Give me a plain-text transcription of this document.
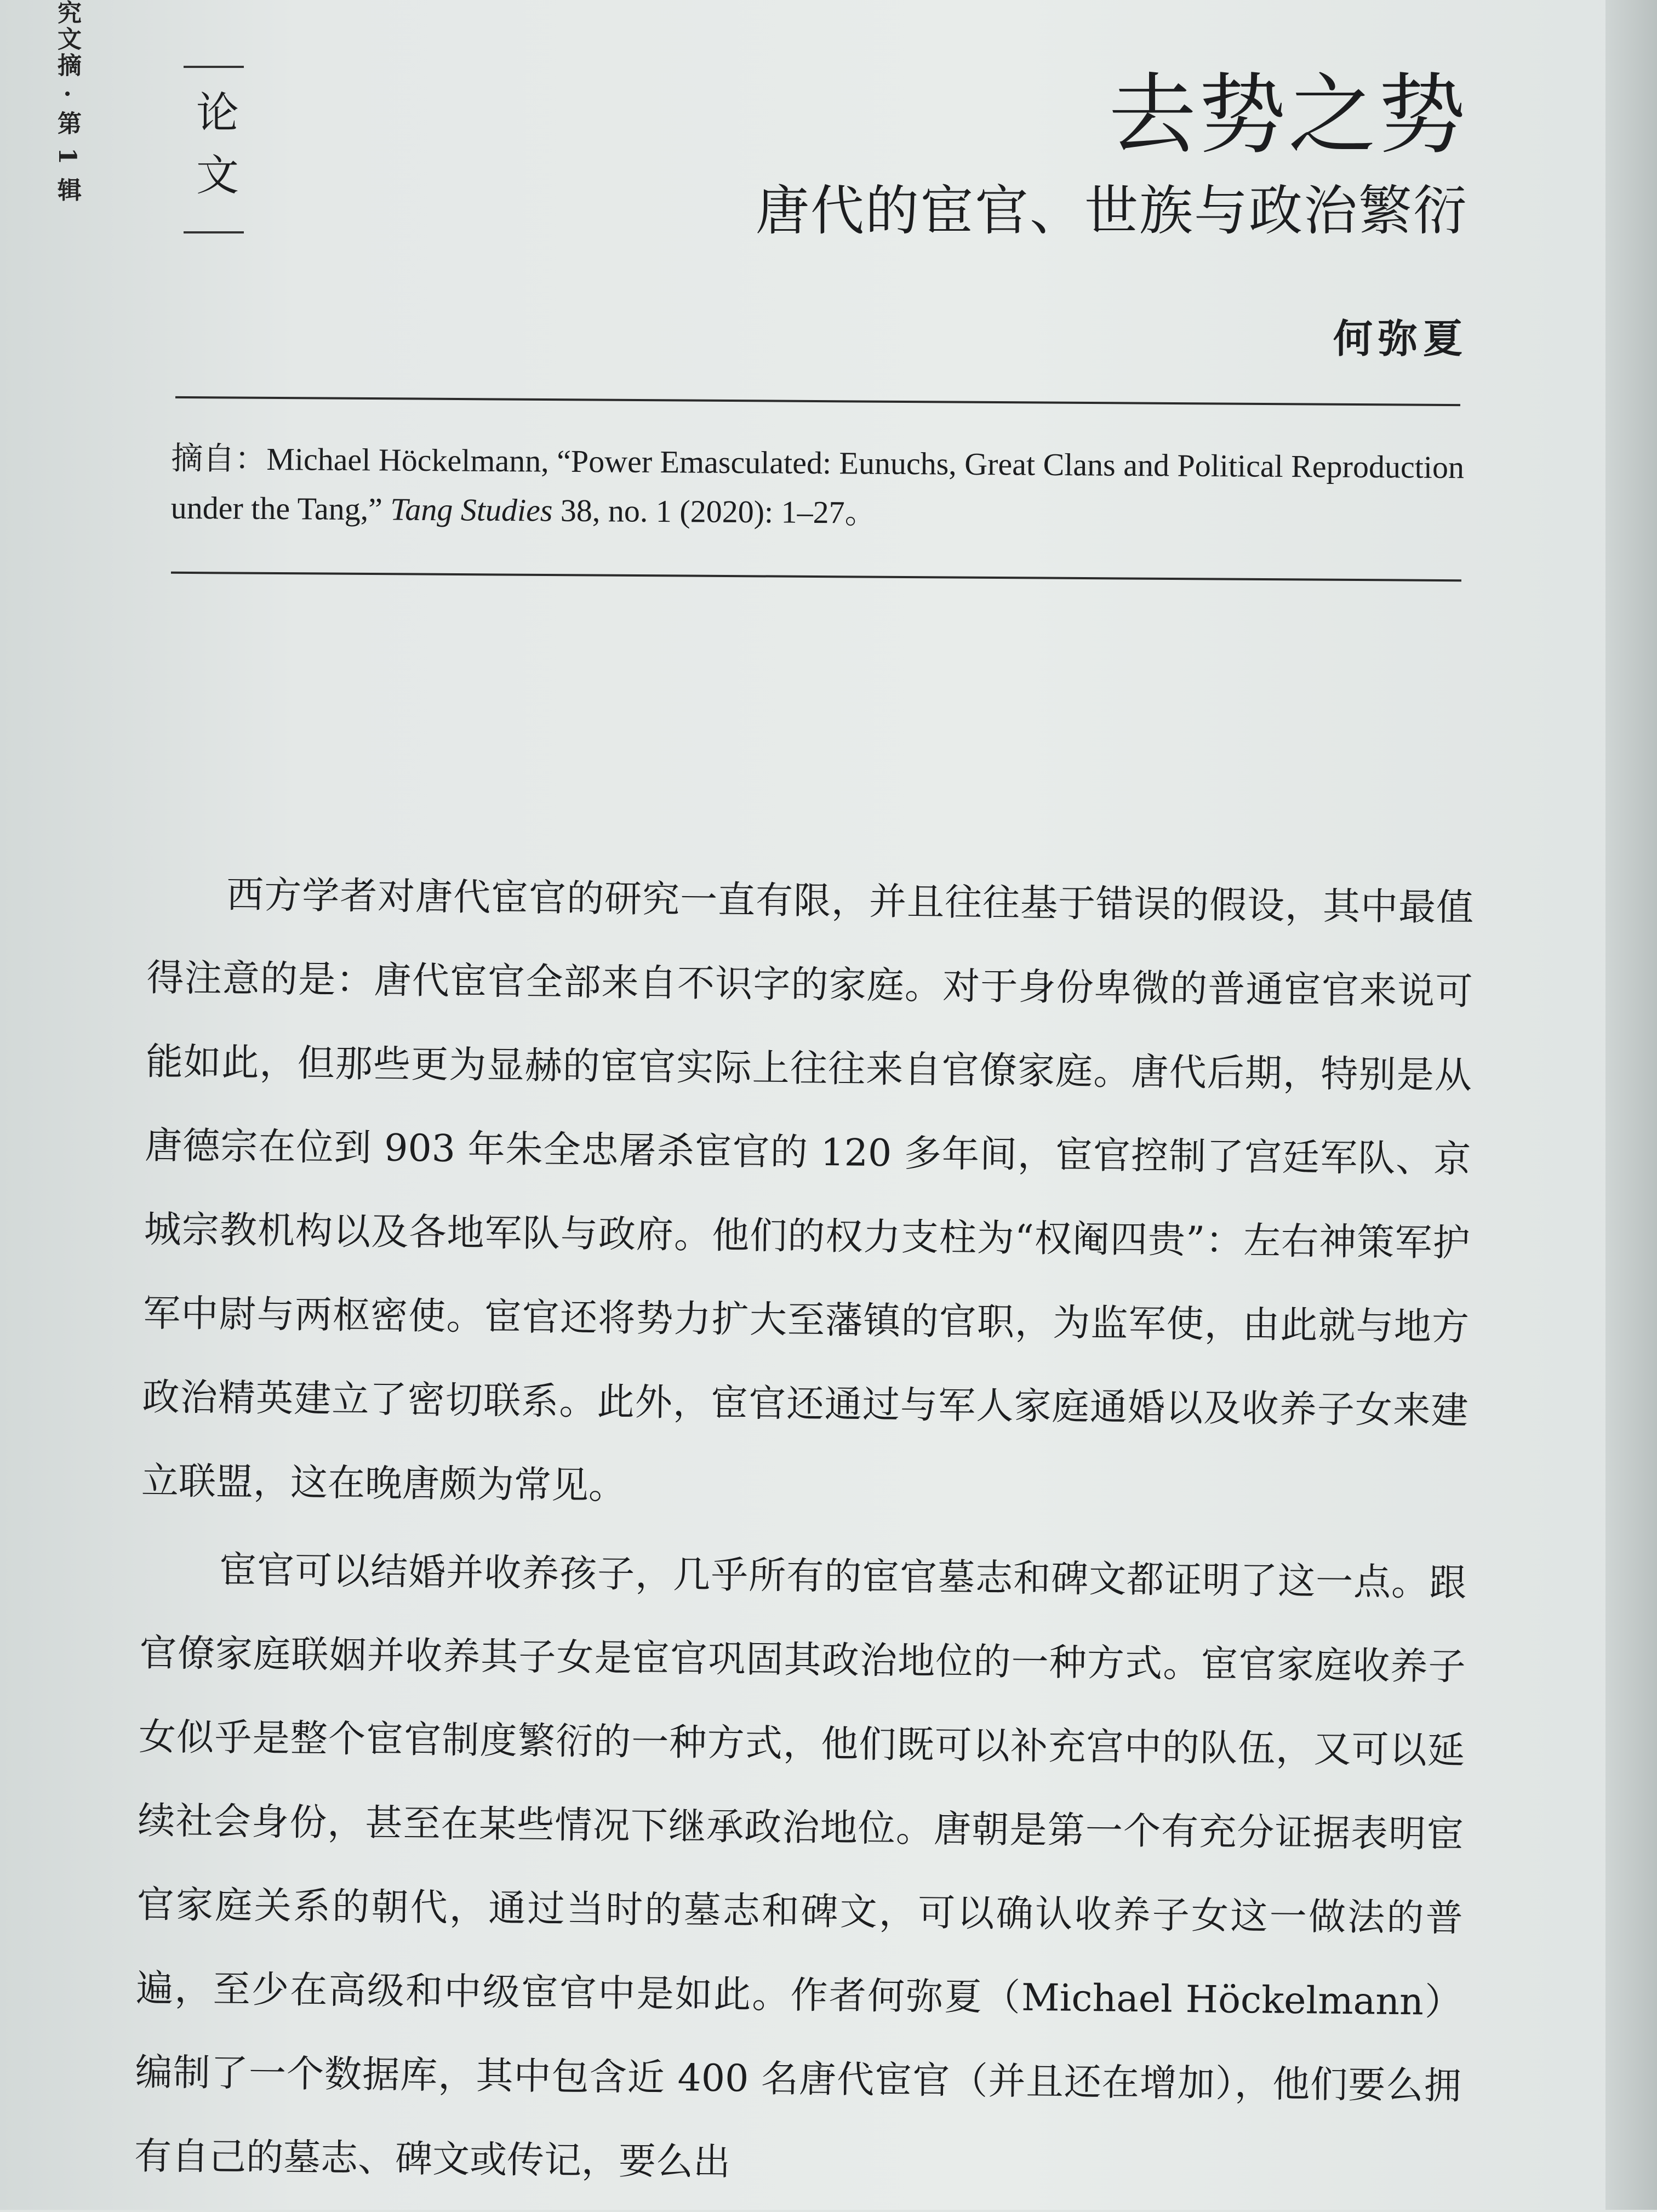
究文摘 · 第 1 辑	论文	去势之势
唐代的宦官、世族与政治繁衍
何弥夏
摘自：Michael Höckelmann, “Power Emasculated: Eunuchs, Great Clans and Political Reproduction under the Tang,” Tang Studies 38, no. 1 (2020): 1–27。

西方学者对唐代宦官的研究一直有限，并且往往基于错误的假设，其中最值得注意的是：唐代宦官全部来自不识字的家庭。对于身份卑微的普通宦官来说可能如此，但那些更为显赫的宦官实际上往往来自官僚家庭。唐代后期，特别是从唐德宗在位到 903 年朱全忠屠杀宦官的 120 多年间，宦官控制了宫廷军队、京城宗教机构以及各地军队与政府。他们的权力支柱为“权阉四贵”：左右神策军护军中尉与两枢密使。宦官还将势力扩大至藩镇的官职，为监军使，由此就与地方政治精英建立了密切联系。此外，宦官还通过与军人家庭通婚以及收养子女来建立联盟，这在晚唐颇为常见。

宦官可以结婚并收养孩子，几乎所有的宦官墓志和碑文都证明了这一点。跟官僚家庭联姻并收养其子女是宦官巩固其政治地位的一种方式。宦官家庭收养子女似乎是整个宦官制度繁衍的一种方式，他们既可以补充宫中的队伍，又可以延续社会身份，甚至在某些情况下继承政治地位。唐朝是第一个有充分证据表明宦官家庭关系的朝代，通过当时的墓志和碑文，可以确认收养子女这一做法的普遍，至少在高级和中级宦官中是如此。作者何弥夏（Michael Höckelmann）编制了一个数据库，其中包含近 400 名唐代宦官（并且还在增加），他们要么拥有自己的墓志、碑文或传记，要么出
